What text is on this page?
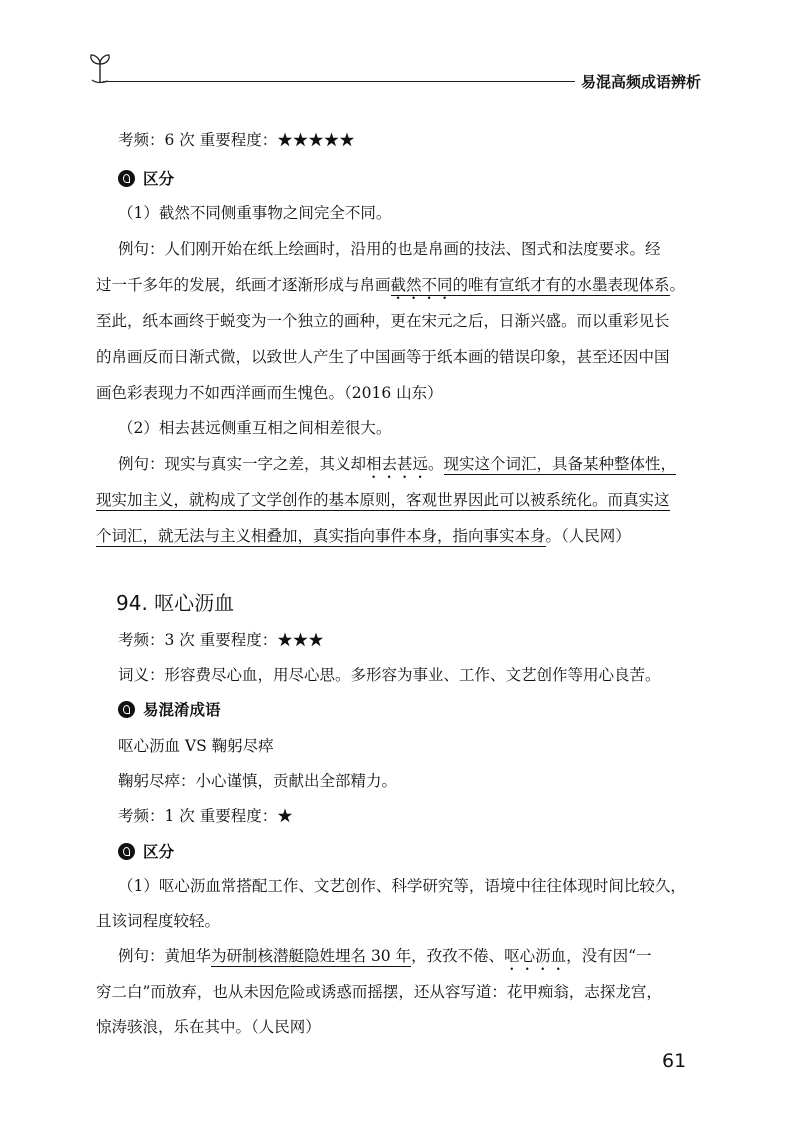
易混高频成语辨析
考频：6 次 重要程度：★★★★★
区分
（1）截然不同侧重事物之间完全不同。
例句：人们刚开始在纸上绘画时，沿用的也是帛画的技法、图式和法度要求。经
过一千多年的发展，纸画才逐渐形成与帛画截然不同的唯有宣纸才有的水墨表现体系。
至此，纸本画终于蜕变为一个独立的画种，更在宋元之后，日渐兴盛。而以重彩见长
的帛画反而日渐式微，以致世人产生了中国画等于纸本画的错误印象，甚至还因中国
画色彩表现力不如西洋画而生愧色。（2016 山东）
（2）相去甚远侧重互相之间相差很大。
例句：现实与真实一字之差，其义却相去甚远。现实这个词汇，具备某种整体性，
现实加主义，就构成了文学创作的基本原则，客观世界因此可以被系统化。而真实这
个词汇，就无法与主义相叠加，真实指向事件本身，指向事实本身。（人民网）
94. 呕心沥血
考频：3 次 重要程度：★★★
词义：形容费尽心血，用尽心思。多形容为事业、工作、文艺创作等用心良苦。
易混淆成语
呕心沥血 VS 鞠躬尽瘁
鞠躬尽瘁：小心谨慎，贡献出全部精力。
考频：1 次 重要程度：★
区分
（1）呕心沥血常搭配工作、文艺创作、科学研究等，语境中往往体现时间比较久，
且该词程度较轻。
例句：黄旭华为研制核潜艇隐姓埋名 30 年，孜孜不倦、呕心沥血，没有因“一
穷二白”而放弃，也从未因危险或诱惑而摇摆，还从容写道：花甲痴翁，志探龙宫，
惊涛骇浪，乐在其中。（人民网）
61
